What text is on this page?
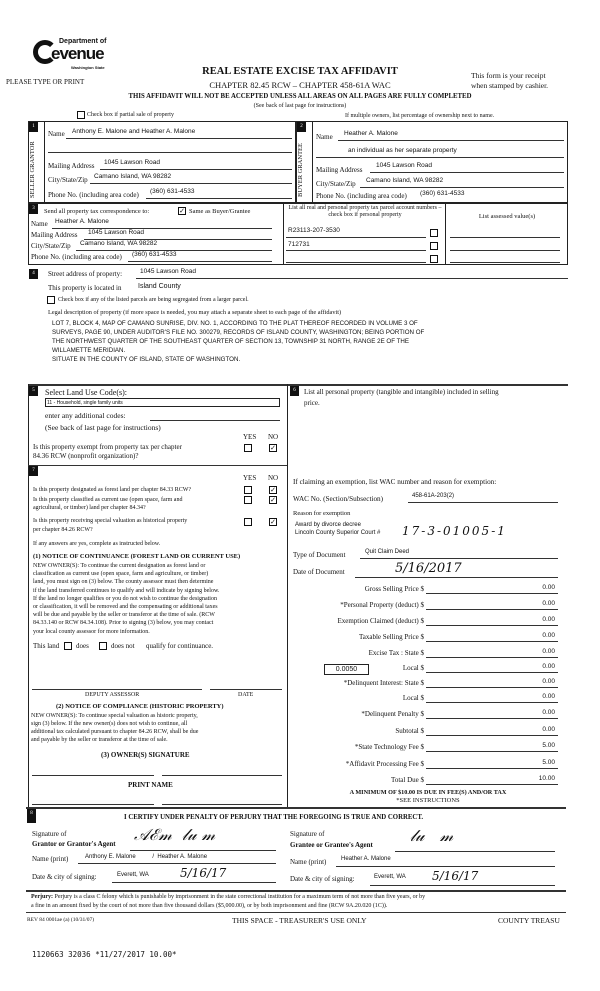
Department of
evenue
Washington State
PLEASE TYPE OR PRINT
REAL ESTATE EXCISE TAX AFFIDAVIT
CHAPTER 82.45 RCW – CHAPTER 458-61A WAC
THIS AFFIDAVIT WILL NOT BE ACCEPTED UNLESS ALL AREAS ON ALL PAGES ARE FULLY COMPLETED
(See back of last page for instructions)
This form is your receipt
when stamped by cashier.
Check box if partial sale of property	If multiple owners, list percentage of ownership next to name.
1	2
SELLER GRANTOR	BUYER GRANTEE
Name Anthony E. Malone and Heather A. Malone
Mailing Address 1045 Lawson Road
City/State/Zip Camano Island, WA 98282
Phone No. (including area code) (360) 631-4533
Name Heather A. Malone
an individual as her separate property
Mailing Address
1045 Lawson Road
City/State/Zip Camano Island, WA 98282
Phone No. (including area code) (360) 631-4533
3	Send all property tax correspondence to:	✓ Same as Buyer/Grantee
Name Heather A. Malone
Mailing Address 1045 Lawson Road
City/State/Zip Camano Island, WA 98282
Phone No. (including area code) (360) 631-4533
List all real and personal property tax parcel account numbers – check box if personal property	List assessed value(s)
R23113-207-3530
712731
4	Street address of property:	1045 Lawson Road
This property is located in Island County
Check box if any of the listed parcels are being segregated from a larger parcel.
Legal description of property (if more space is needed, you may attach a separate sheet to each page of the affidavit)
LOT 7, BLOCK 4, MAP OF CAMANO SUNRISE, DIV. NO. 1, ACCORDING TO THE PLAT THEREOF RECORDED IN VOLUME 3 OF
SURVEYS, PAGE 90, UNDER AUDITOR'S FILE NO. 300279, RECORDS OF ISLAND COUNTY, WASHINGTON; BEING PORTION OF
THE NORTHWEST QUARTER OF THE SOUTHEAST QUARTER OF SECTION 13, TOWNSHIP 31 NORTH, RANGE 2E OF THE
WILLAMETTE MERIDIAN.
SITUATE IN THE COUNTY OF ISLAND, STATE OF WASHINGTON.
5	6
Select Land Use Code(s):
11 - Household, single family units
enter any additional codes:
(See back of last page for instructions)
YES NO
Is this property exempt from property tax per chapter
84.36 RCW (nonprofit organization)?
✓
List all personal property (tangible and intangible) included in selling
price.
7
YES NO
Is this property designated as forest land per chapter 84.33 RCW?	✓
Is this property classified as current use (open space, farm and
agricultural, or timber) land per chapter 84.34?
✓
Is this property receiving special valuation as historical property
per chapter 84.26 RCW?
✓
If any answers are yes, complete as instructed below.
(1) NOTICE OF CONTINUANCE (FOREST LAND OR CURRENT USE)
NEW OWNER(S): To continue the current designation as forest land or
classification as current use (open space, farm and agriculture, or timber)
land, you must sign on (3) below. The county assessor must then determine
if the land transferred continues to qualify and will indicate by signing below.
If the land no longer qualifies or you do not wish to continue the designation
or classification, it will be removed and the compensating or additional taxes
will be due and payable by the seller or transferor at the time of sale. (RCW
84.33.140 or RCW 84.34.108). Prior to signing (3) below, you may contact
your local county assessor for more information.
This land does	does not qualify for continuance.
DEPUTY ASSESSOR	DATE
(2) NOTICE OF COMPLIANCE (HISTORIC PROPERTY)
NEW OWNER(S): To continue special valuation as historic property,
sign (3) below. If the new owner(s) does not wish to continue, all
additional tax calculated pursuant to chapter 84.26 RCW, shall be due
and payable by the seller or transferor at the time of sale.
(3) OWNER(S) SIGNATURE
PRINT NAME
If claiming an exemption, list WAC number and reason for exemption:
WAC No. (Section/Subsection)	458-61A-203(2)
Reason for exemption
Award by divorce decree
Lincoln County Superior Court # 17-3-01005-1
Type of Document	Quit Claim Deed
Date of Document	5/16/2017
Gross Selling Price $	0.00
*Personal Property (deduct) $	0.00
Exemption Claimed (deduct) $	0.00
Taxable Selling Price $	0.00
Excise Tax : State $	0.00
Local $	0.00
*Delinquent Interest: State $	0.00
Local $	0.00
*Delinquent Penalty $	0.00
Subtotal $	0.00
*State Technology Fee $	5.00
*Affidavit Processing Fee $	5.00
Total Due $	10.00
0.0050
A MINIMUM OF $10.00 IS DUE IN FEE(S) AND/OR TAX
*SEE INSTRUCTIONS
8
I CERTIFY UNDER PENALTY OF PERJURY THAT THE FOREGOING IS TRUE AND CORRECT.
Signature of
Grantor or Grantor's Agent 𝒜ℰ𝓂  𝓁𝓊 𝓂
Name (print)	Anthony E. Malone          /  Heather A. Malone
Date & city of signing:	Everett, WA	5/16/17
Signature of
Grantee or Grantee's Agent 𝓁𝓊   𝓂
Name (print) Heather A. Malone
Date & city of signing:	Everett, WA 5/16/17
Perjury: Perjury is a class C felony which is punishable by imprisonment in the state correctional institution for a maximum term of not more than five years, or by
a fine in an amount fixed by the court of not more than five thousand dollars ($5,000.00), or by both imprisonment and fine (RCW 9A.20.020 (1C)).
REV 84 0001ae (a) (10/31/07)	THIS SPACE - TREASURER'S USE ONLY	COUNTY TREASU
1120663 32036 *11/27/2017 10.00*
